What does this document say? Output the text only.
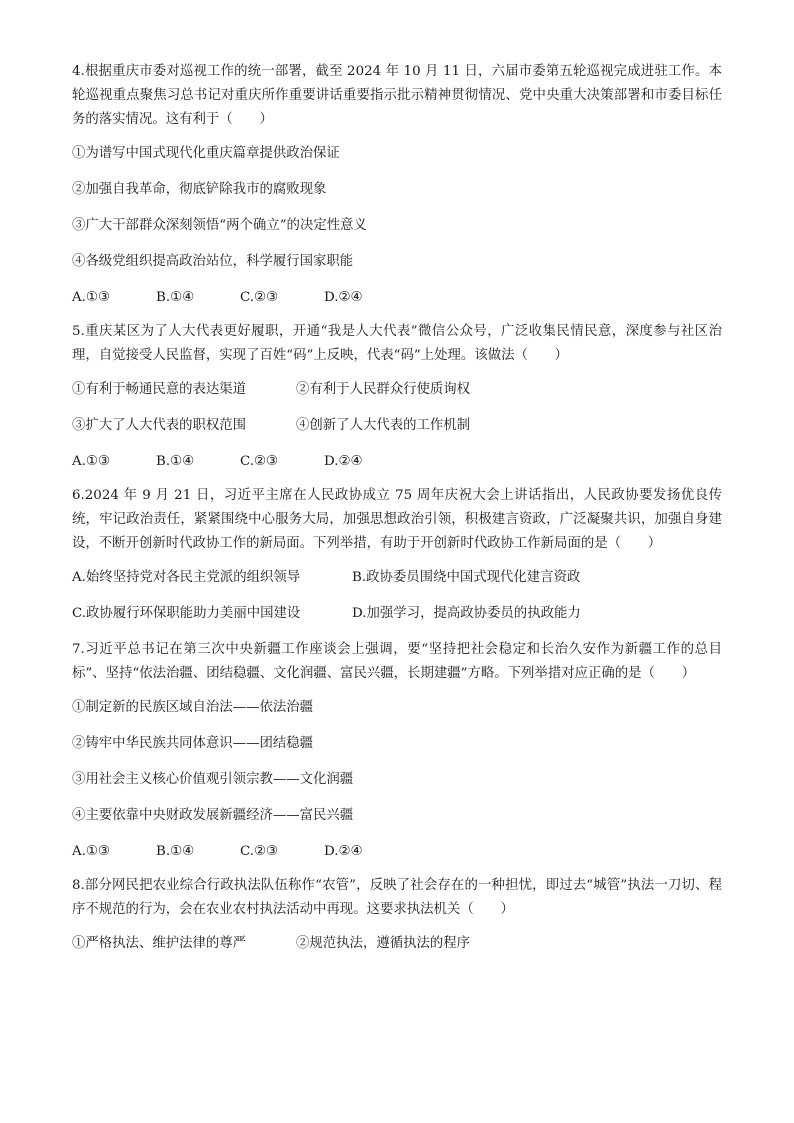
4.根据重庆市委对巡视工作的统一部署，截至 2024 年 10 月 11 日，六届市委第五轮巡视完成进驻工作。本轮巡视重点聚焦习总书记对重庆所作重要讲话重要指示批示精神贯彻情况、党中央重大决策部署和市委目标任务的落实情况。这有利于（　　）

①为谱写中国式现代化重庆篇章提供政治保证

②加强自我革命，彻底铲除我市的腐败现象

③广大干部群众深刻领悟“两个确立”的决定性意义

④各级党组织提高政治站位，科学履行国家职能

A.①③	B.①④	C.②③	D.②④

5.重庆某区为了人大代表更好履职，开通“我是人大代表”微信公众号，广泛收集民情民意，深度参与社区治理，自觉接受人民监督，实现了百姓“码”上反映，代表“码”上处理。该做法（　　）

①有利于畅通民意的表达渠道	②有利于人民群众行使质询权
③扩大了人大代表的职权范围	④创新了人大代表的工作机制
A.①③	B.①④	C.②③	D.②④

6.2024 年 9 月 21 日，习近平主席在人民政协成立 75 周年庆祝大会上讲话指出，人民政协要发扬优良传统，牢记政治责任，紧紧围绕中心服务大局，加强思想政治引领，积极建言资政，广泛凝聚共识，加强自身建设，不断开创新时代政协工作的新局面。下列举措，有助于开创新时代政协工作新局面的是（　　）

A.始终坚持党对各民主党派的组织领导	B.政协委员围绕中国式现代化建言资政
C.政协履行环保职能助力美丽中国建设	D.加强学习，提高政协委员的执政能力

7.习近平总书记在第三次中央新疆工作座谈会上强调，要“坚持把社会稳定和长治久安作为新疆工作的总目标”、坚持“依法治疆、团结稳疆、文化润疆、富民兴疆，长期建疆”方略。下列举措对应正确的是（　　）

①制定新的民族区域自治法——依法治疆

②铸牢中华民族共同体意识——团结稳疆

③用社会主义核心价值观引领宗教——文化润疆

④主要依靠中央财政发展新疆经济——富民兴疆

A.①③	B.①④	C.②③	D.②④

8.部分网民把农业综合行政执法队伍称作“农管”，反映了社会存在的一种担忧，即过去“城管”执法一刀切、程序不规范的行为，会在农业农村执法活动中再现。这要求执法机关（　　）

①严格执法、维护法律的尊严	②规范执法，遵循执法的程序
